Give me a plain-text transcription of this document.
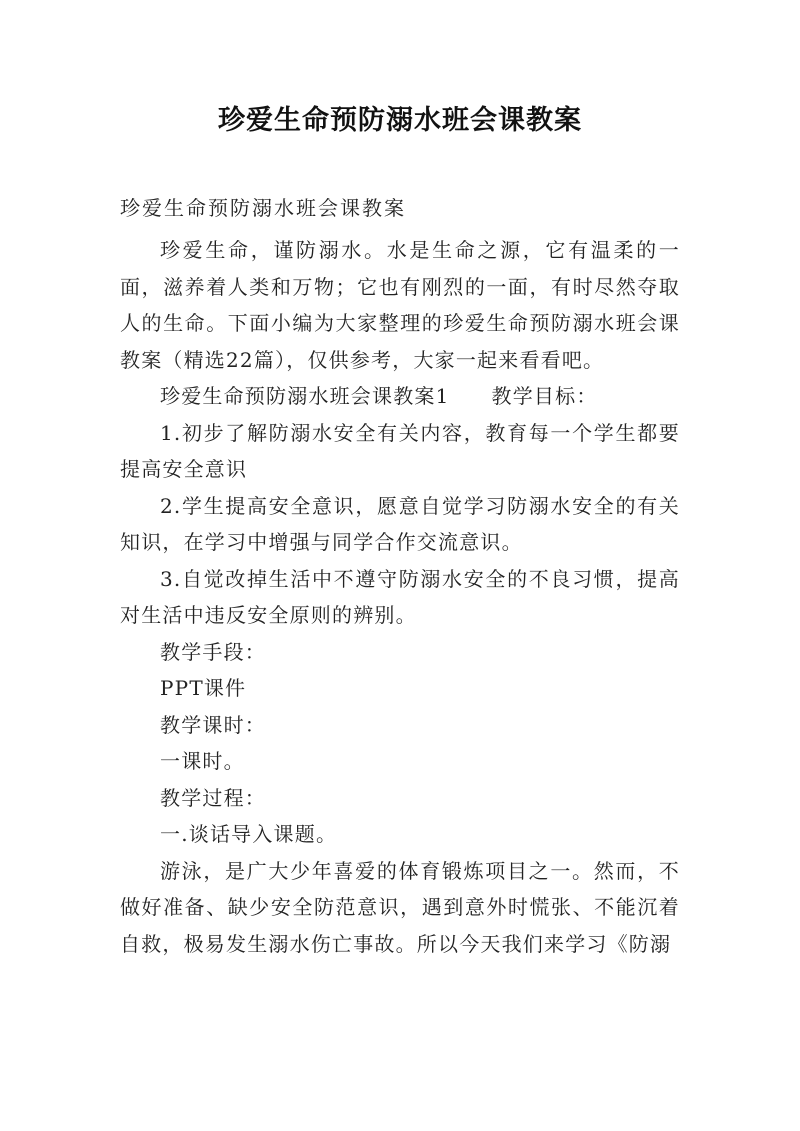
珍爱生命预防溺水班会课教案
珍爱生命预防溺水班会课教案

珍爱生命，谨防溺水。水是生命之源，它有温柔的一面，滋养着人类和万物；它也有刚烈的一面，有时尽然夺取人的生命。下面小编为大家整理的珍爱生命预防溺水班会课教案（精选22篇），仅供参考，大家一起来看看吧。

珍爱生命预防溺水班会课教案1 教学目标：

1.初步了解防溺水安全有关内容，教育每一个学生都要提高安全意识

2.学生提高安全意识，愿意自觉学习防溺水安全的有关知识，在学习中增强与同学合作交流意识。

3.自觉改掉生活中不遵守防溺水安全的不良习惯，提高对生活中违反安全原则的辨别。

教学手段：

PPT课件

教学课时：

一课时。

教学过程：

一.谈话导入课题。

游泳，是广大少年喜爱的体育锻炼项目之一。然而，不做好准备、缺少安全防范意识，遇到意外时慌张、不能沉着自救，极易发生溺水伤亡事故。所以今天我们来学习《防溺
